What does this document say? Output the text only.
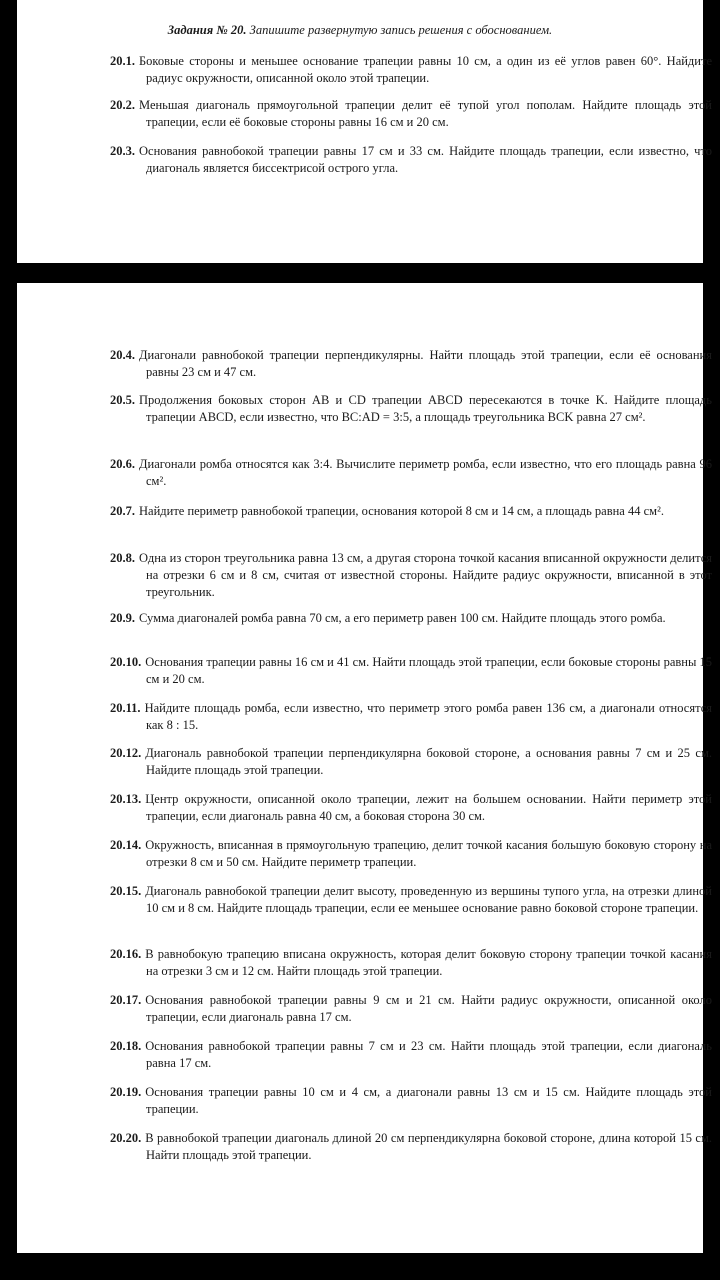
Задания № 20. Запишите развернутую запись решения с обоснованием.
20.1. Боковые стороны и меньшее основание трапеции равны 10 см, а один из её углов равен 60°. Найдите радиус окружности, описанной около этой трапеции.
20.2. Меньшая диагональ прямоугольной трапеции делит её тупой угол пополам. Найдите площадь этой трапеции, если её боковые стороны равны 16 см и 20 см.
20.3. Основания равнобокой трапеции равны 17 см и 33 см. Найдите площадь трапеции, если известно, что диагональ является биссектрисой острого угла.
20.4. Диагонали равнобокой трапеции перпендикулярны. Найти площадь этой трапеции, если её основания равны 23 см и 47 см.
20.5. Продолжения боковых сторон AB и CD трапеции ABCD пересекаются в точке K. Найдите площадь трапеции ABCD, если известно, что BC:AD = 3:5, а площадь треугольника BCK равна 27 см².
20.6. Диагонали ромба относятся как 3:4. Вычислите периметр ромба, если известно, что его площадь равна 96 см².
20.7. Найдите периметр равнобокой трапеции, основания которой 8 см и 14 см, а площадь равна 44 см².
20.8. Одна из сторон треугольника равна 13 см, а другая сторона точкой касания вписанной окружности делится на отрезки 6 см и 8 см, считая от известной стороны. Найдите радиус окружности, вписанной в этот треугольник.
20.9. Сумма диагоналей ромба равна 70 см, а его периметр равен 100 см. Найдите площадь этого ромба.
20.10. Основания трапеции равны 16 см и 41 см. Найти площадь этой трапеции, если боковые стороны равны 15 см и 20 см.
20.11. Найдите площадь ромба, если известно, что периметр этого ромба равен 136 см, а диагонали относятся как 8 : 15.
20.12. Диагональ равнобокой трапеции перпендикулярна боковой стороне, а основания равны 7 см и 25 см. Найдите площадь этой трапеции.
20.13. Центр окружности, описанной около трапеции, лежит на большем основании. Найти периметр этой трапеции, если диагональ равна 40 см, а боковая сторона 30 см.
20.14. Окружность, вписанная в прямоугольную трапецию, делит точкой касания большую боковую сторону на отрезки 8 см и 50 см. Найдите периметр трапеции.
20.15. Диагональ равнобокой трапеции делит высоту, проведенную из вершины тупого угла, на отрезки длиной 10 см и 8 см. Найдите площадь трапеции, если ее меньшее основание равно боковой стороне трапеции.
20.16. В равнобокую трапецию вписана окружность, которая делит боковую сторону трапеции точкой касания на отрезки 3 см и 12 см. Найти площадь этой трапеции.
20.17. Основания равнобокой трапеции равны 9 см и 21 см. Найти радиус окружности, описанной около трапеции, если диагональ равна 17 см.
20.18. Основания равнобокой трапеции равны 7 см и 23 см. Найти площадь этой трапеции, если диагональ равна 17 см.
20.19. Основания трапеции равны 10 см и 4 см, а диагонали равны 13 см и 15 см. Найдите площадь этой трапеции.
20.20. В равнобокой трапеции диагональ длиной 20 см перпендикулярна боковой стороне, длина которой 15 см. Найти площадь этой трапеции.
